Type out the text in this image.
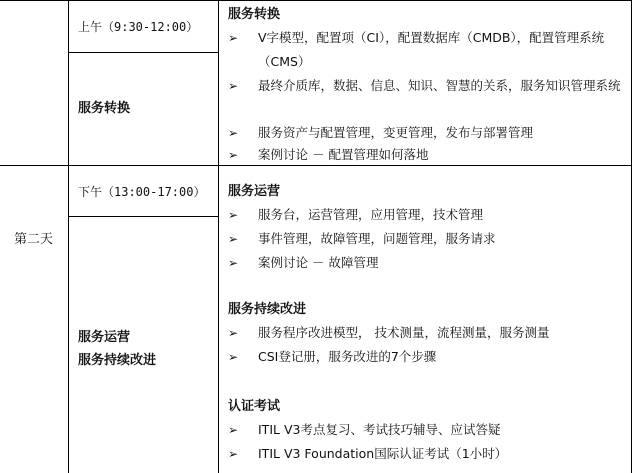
第二天
上午（9:30-12:00）
服务转换
服务转换
➢ V字模型，配置项（CI），配置数据库（CMDB），配置管理系统（CMS）
➢ 最终介质库，数据、信息、知识、智慧的关系，服务知识管理系统
➢ 服务资产与配置管理，变更管理，发布与部署管理
➢ 案例讨论 － 配置管理如何落地
下午（13:00-17:00）
服务运营
服务持续改进
服务运营
➢ 服务台，运营管理，应用管理，技术管理
➢ 事件管理，故障管理，问题管理，服务请求
➢ 案例讨论 － 故障管理
服务持续改进
➢ 服务程序改进模型， 技术测量，流程测量，服务测量
➢ CSI登记册，服务改进的7个步骤
认证考试
➢ ITIL V3考点复习、考试技巧辅导、应试答疑
➢ ITIL V3 Foundation国际认证考试（1小时）
